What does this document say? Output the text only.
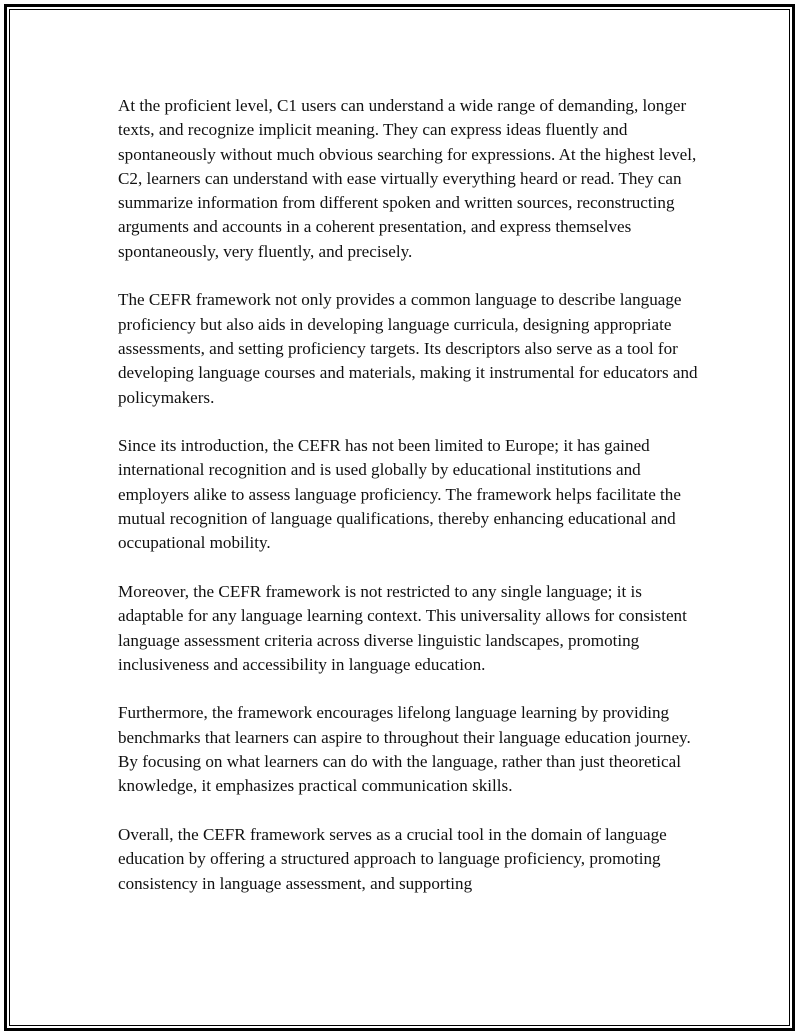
At the proficient level, C1 users can understand a wide range of demanding, longer texts, and recognize implicit meaning. They can express ideas fluently and spontaneously without much obvious searching for expressions. At the highest level, C2, learners can understand with ease virtually everything heard or read. They can summarize information from different spoken and written sources, reconstructing arguments and accounts in a coherent presentation, and express themselves spontaneously, very fluently, and precisely.

The CEFR framework not only provides a common language to describe language proficiency but also aids in developing language curricula, designing appropriate assessments, and setting proficiency targets. Its descriptors also serve as a tool for developing language courses and materials, making it instrumental for educators and policymakers.

Since its introduction, the CEFR has not been limited to Europe; it has gained international recognition and is used globally by educational institutions and employers alike to assess language proficiency. The framework helps facilitate the mutual recognition of language qualifications, thereby enhancing educational and occupational mobility.

Moreover, the CEFR framework is not restricted to any single language; it is adaptable for any language learning context. This universality allows for consistent language assessment criteria across diverse linguistic landscapes, promoting inclusiveness and accessibility in language education.

Furthermore, the framework encourages lifelong language learning by providing benchmarks that learners can aspire to throughout their language education journey. By focusing on what learners can do with the language, rather than just theoretical knowledge, it emphasizes practical communication skills.

Overall, the CEFR framework serves as a crucial tool in the domain of language education by offering a structured approach to language proficiency, promoting consistency in language assessment, and supporting
